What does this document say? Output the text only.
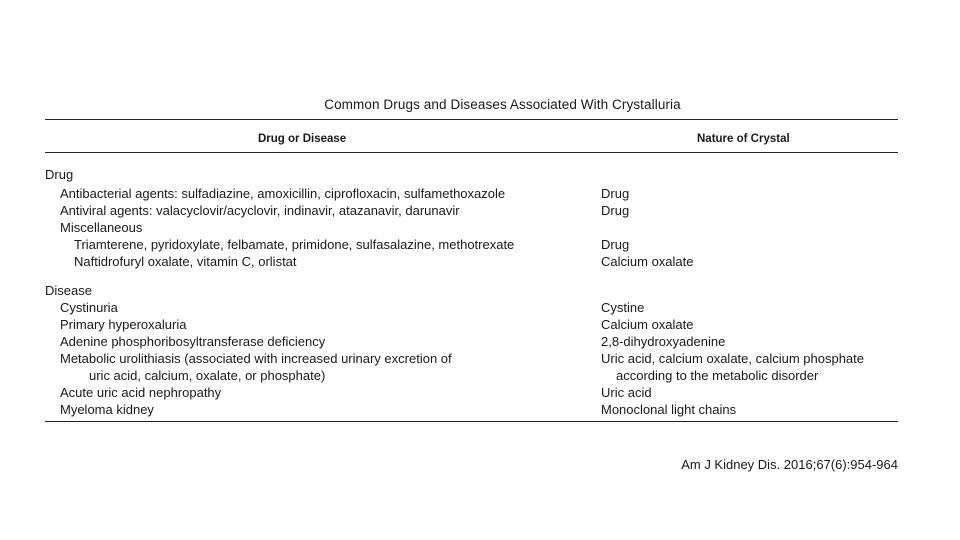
Common Drugs and Diseases Associated With Crystalluria
Drug or Disease	Nature of Crystal
Drug
Antibacterial agents: sulfadiazine, amoxicillin, ciprofloxacin, sulfamethoxazole	Drug
Antiviral agents: valacyclovir/acyclovir, indinavir, atazanavir, darunavir	Drug
Miscellaneous
Triamterene, pyridoxylate, felbamate, primidone, sulfasalazine, methotrexate	Drug
Naftidrofuryl oxalate, vitamin C, orlistat	Calcium oxalate
Disease
Cystinuria	Cystine
Primary hyperoxaluria	Calcium oxalate
Adenine phosphoribosyltransferase deficiency	2,8-dihydroxyadenine
Metabolic urolithiasis (associated with increased urinary excretion of	Uric acid, calcium oxalate, calcium phosphate
uric acid, calcium, oxalate, or phosphate)	according to the metabolic disorder
Acute uric acid nephropathy	Uric acid
Myeloma kidney	Monoclonal light chains
Am J Kidney Dis. 2016;67(6):954-964
